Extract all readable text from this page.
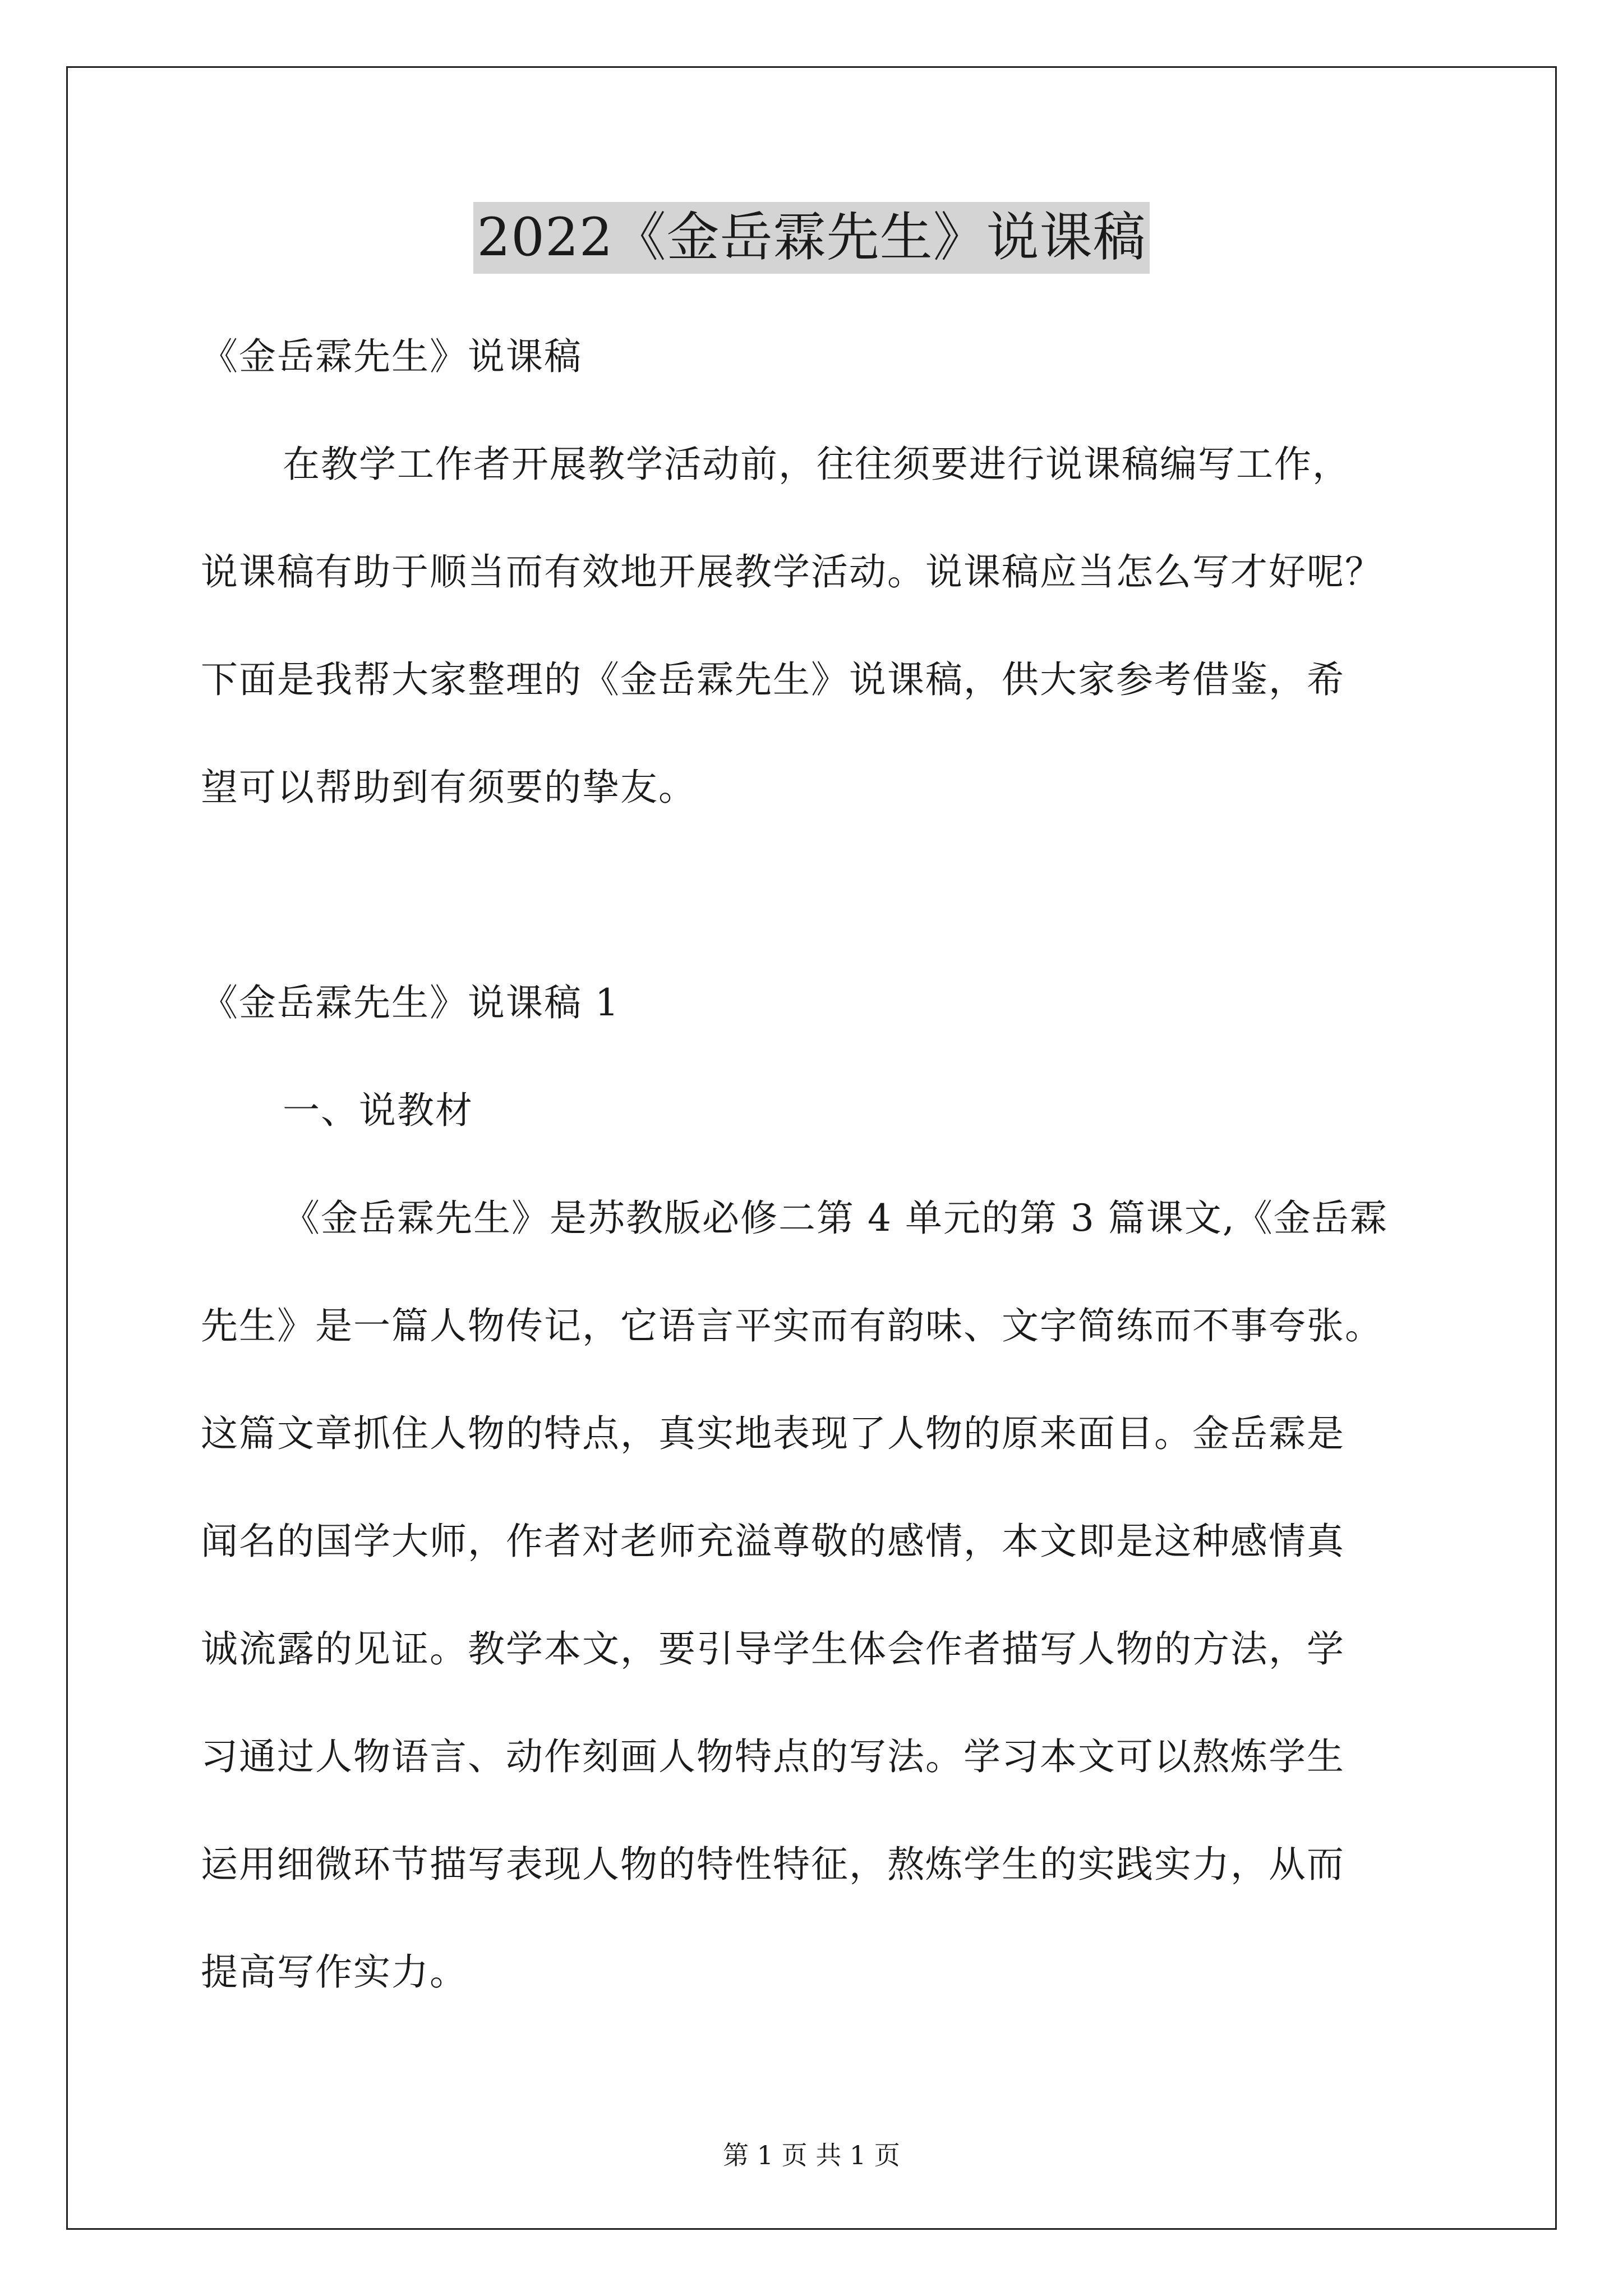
2022《金岳霖先生》说课稿
《金岳霖先生》说课稿
在教学工作者开展教学活动前，往往须要进行说课稿编写工作，
说课稿有助于顺当而有效地开展教学活动。说课稿应当怎么写才好呢？
下面是我帮大家整理的《金岳霖先生》说课稿，供大家参考借鉴，希
望可以帮助到有须要的挚友。
《金岳霖先生》说课稿 1
一、说教材
《金岳霖先生》是苏教版必修二第 4 单元的第 3 篇课文,《金岳霖
先生》是一篇人物传记，它语言平实而有韵味、文字简练而不事夸张。
这篇文章抓住人物的特点，真实地表现了人物的原来面目。金岳霖是
闻名的国学大师，作者对老师充溢尊敬的感情，本文即是这种感情真
诚流露的见证。教学本文，要引导学生体会作者描写人物的方法，学
习通过人物语言、动作刻画人物特点的写法。学习本文可以熬炼学生
运用细微环节描写表现人物的特性特征，熬炼学生的实践实力，从而
提高写作实力。
第 1 页 共 1 页
